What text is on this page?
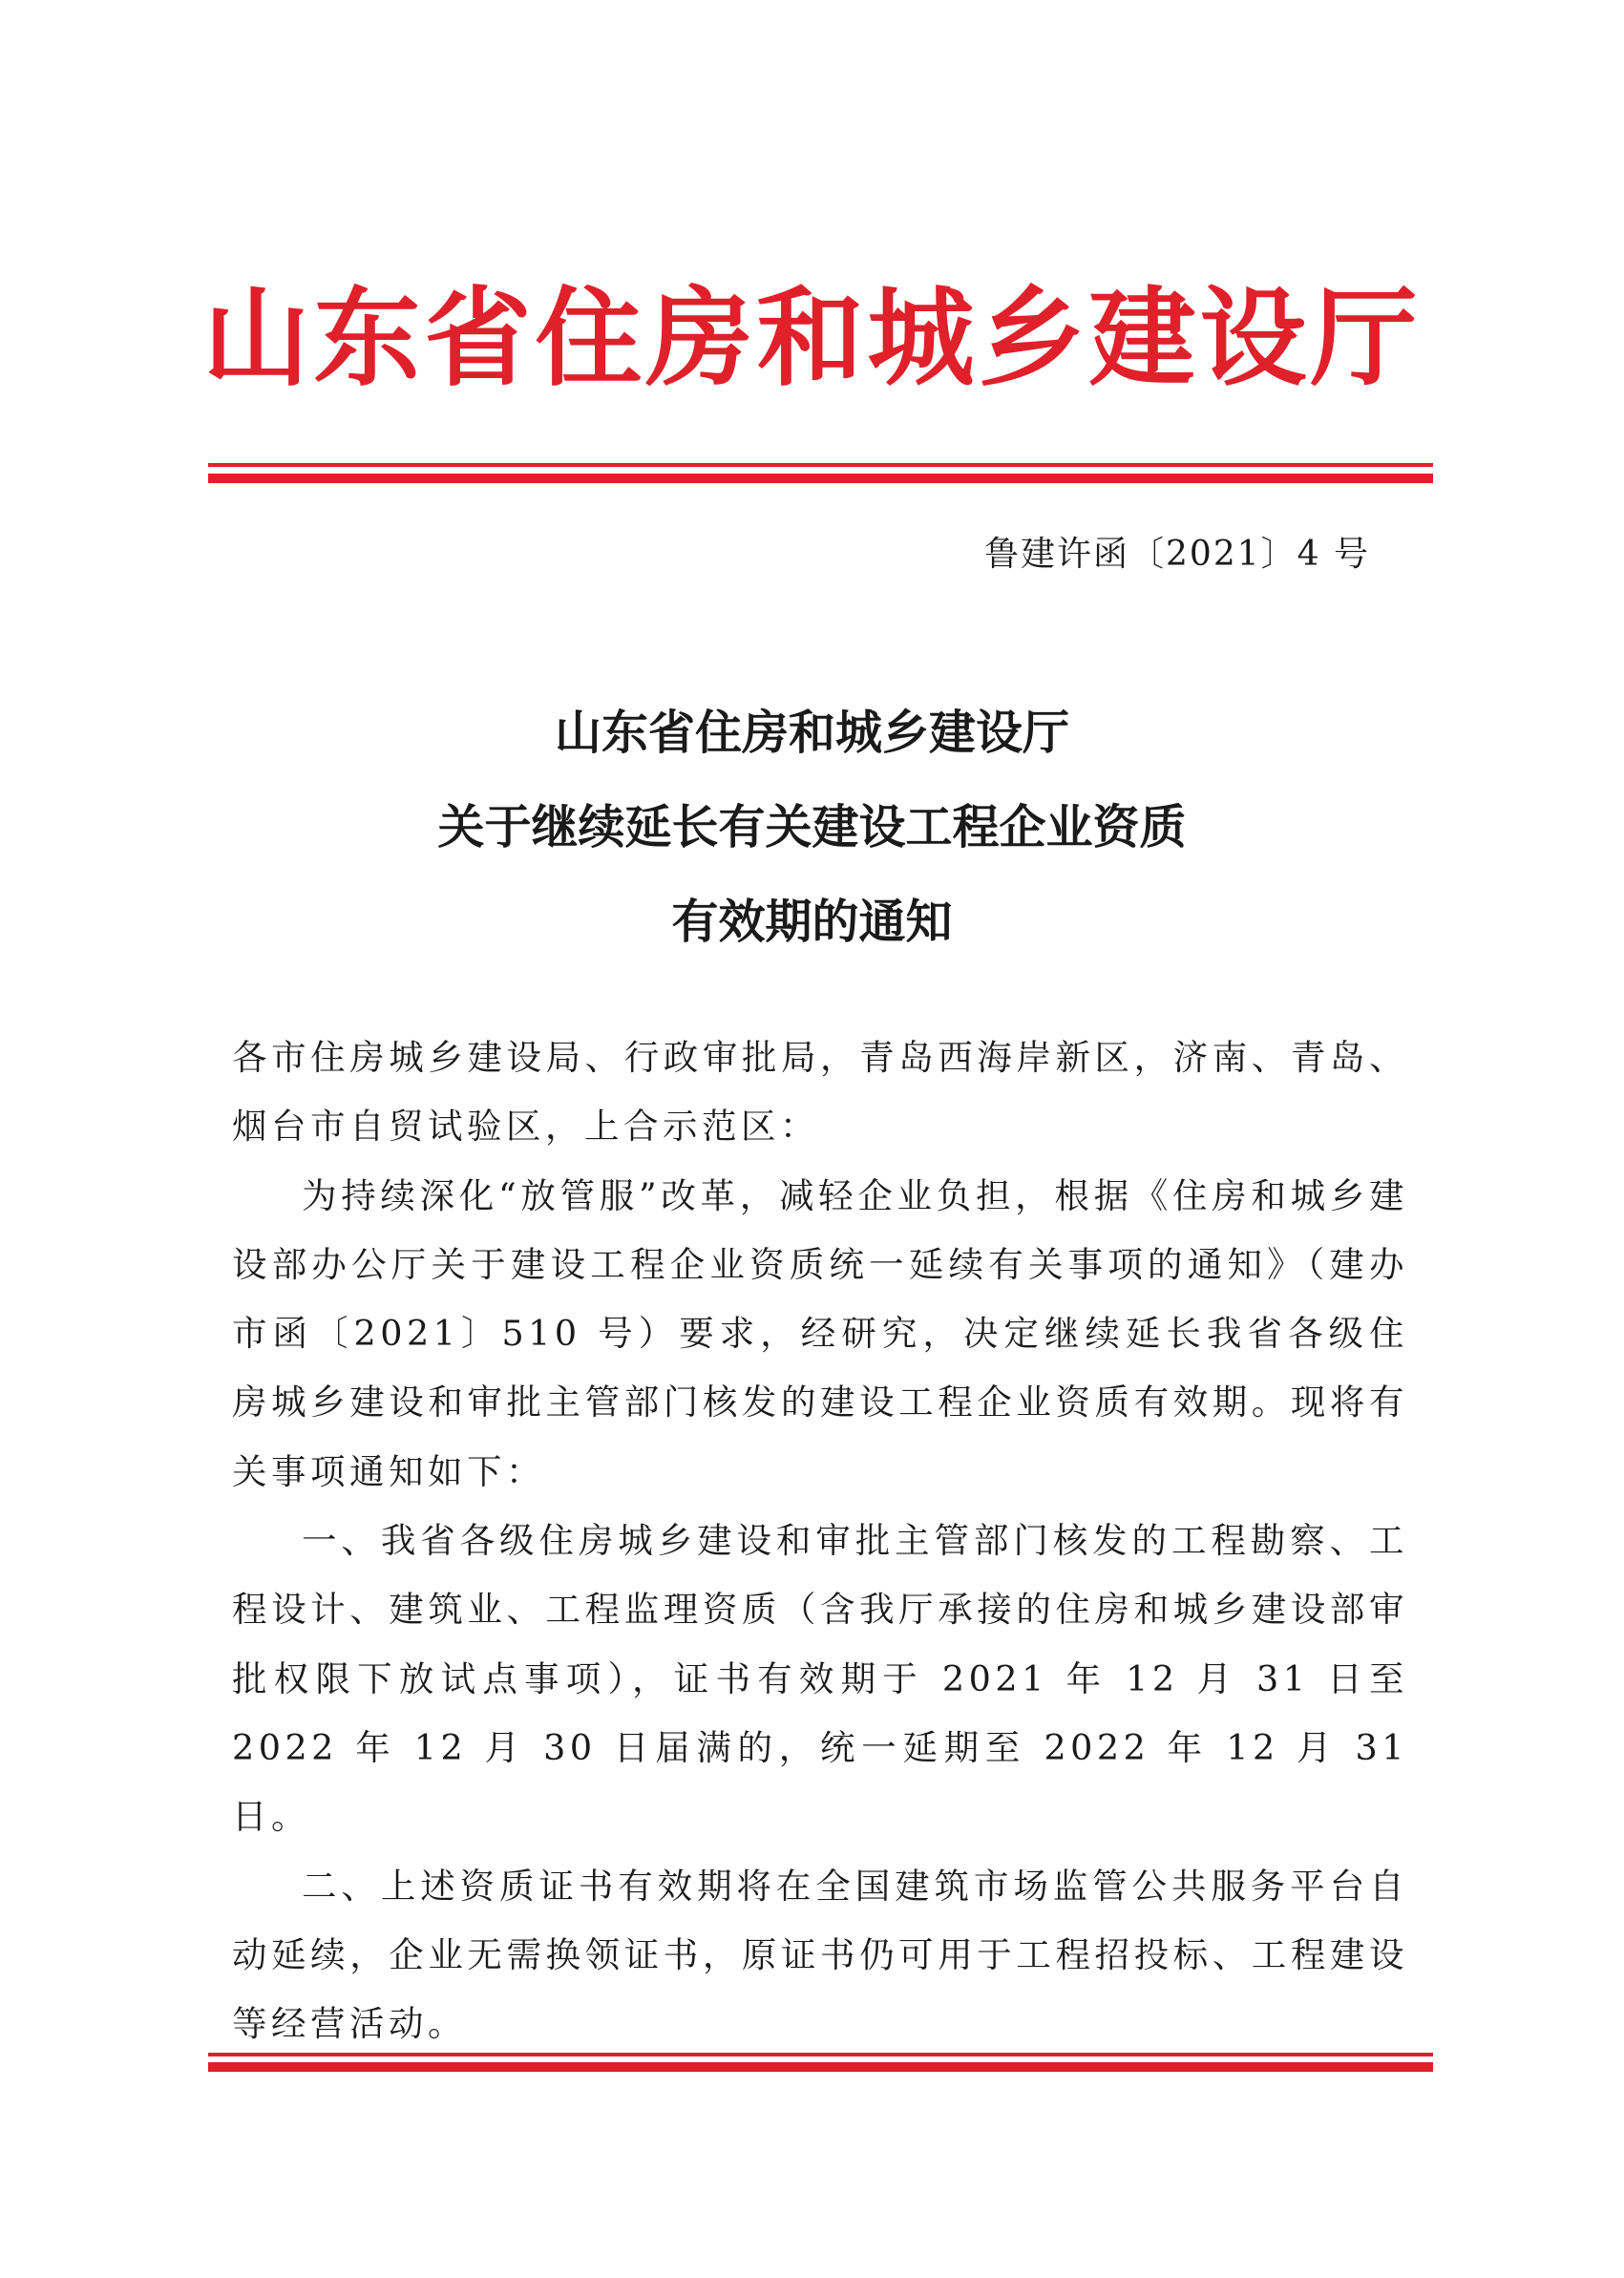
山东省住房和城乡建设厅
鲁建许函〔2021〕4 号
山东省住房和城乡建设厅
关于继续延长有关建设工程企业资质
有效期的通知

各市住房城乡建设局、行政审批局，青岛西海岸新区，济南、青岛、烟台市自贸试验区，上合示范区：

为持续深化“放管服”改革，减轻企业负担，根据《住房和城乡建设部办公厅关于建设工程企业资质统一延续有关事项的通知》（建办市函〔2021〕510 号）要求，经研究，决定继续延长我省各级住房城乡建设和审批主管部门核发的建设工程企业资质有效期。现将有关事项通知如下：

一、我省各级住房城乡建设和审批主管部门核发的工程勘察、工程设计、建筑业、工程监理资质（含我厅承接的住房和城乡建设部审批权限下放试点事项），证书有效期于 2021 年 12 月 31 日至 2022 年 12 月 30 日届满的，统一延期至 2022 年 12 月 31 日。

二、上述资质证书有效期将在全国建筑市场监管公共服务平台自动延续，企业无需换领证书，原证书仍可用于工程招投标、工程建设等经营活动。
